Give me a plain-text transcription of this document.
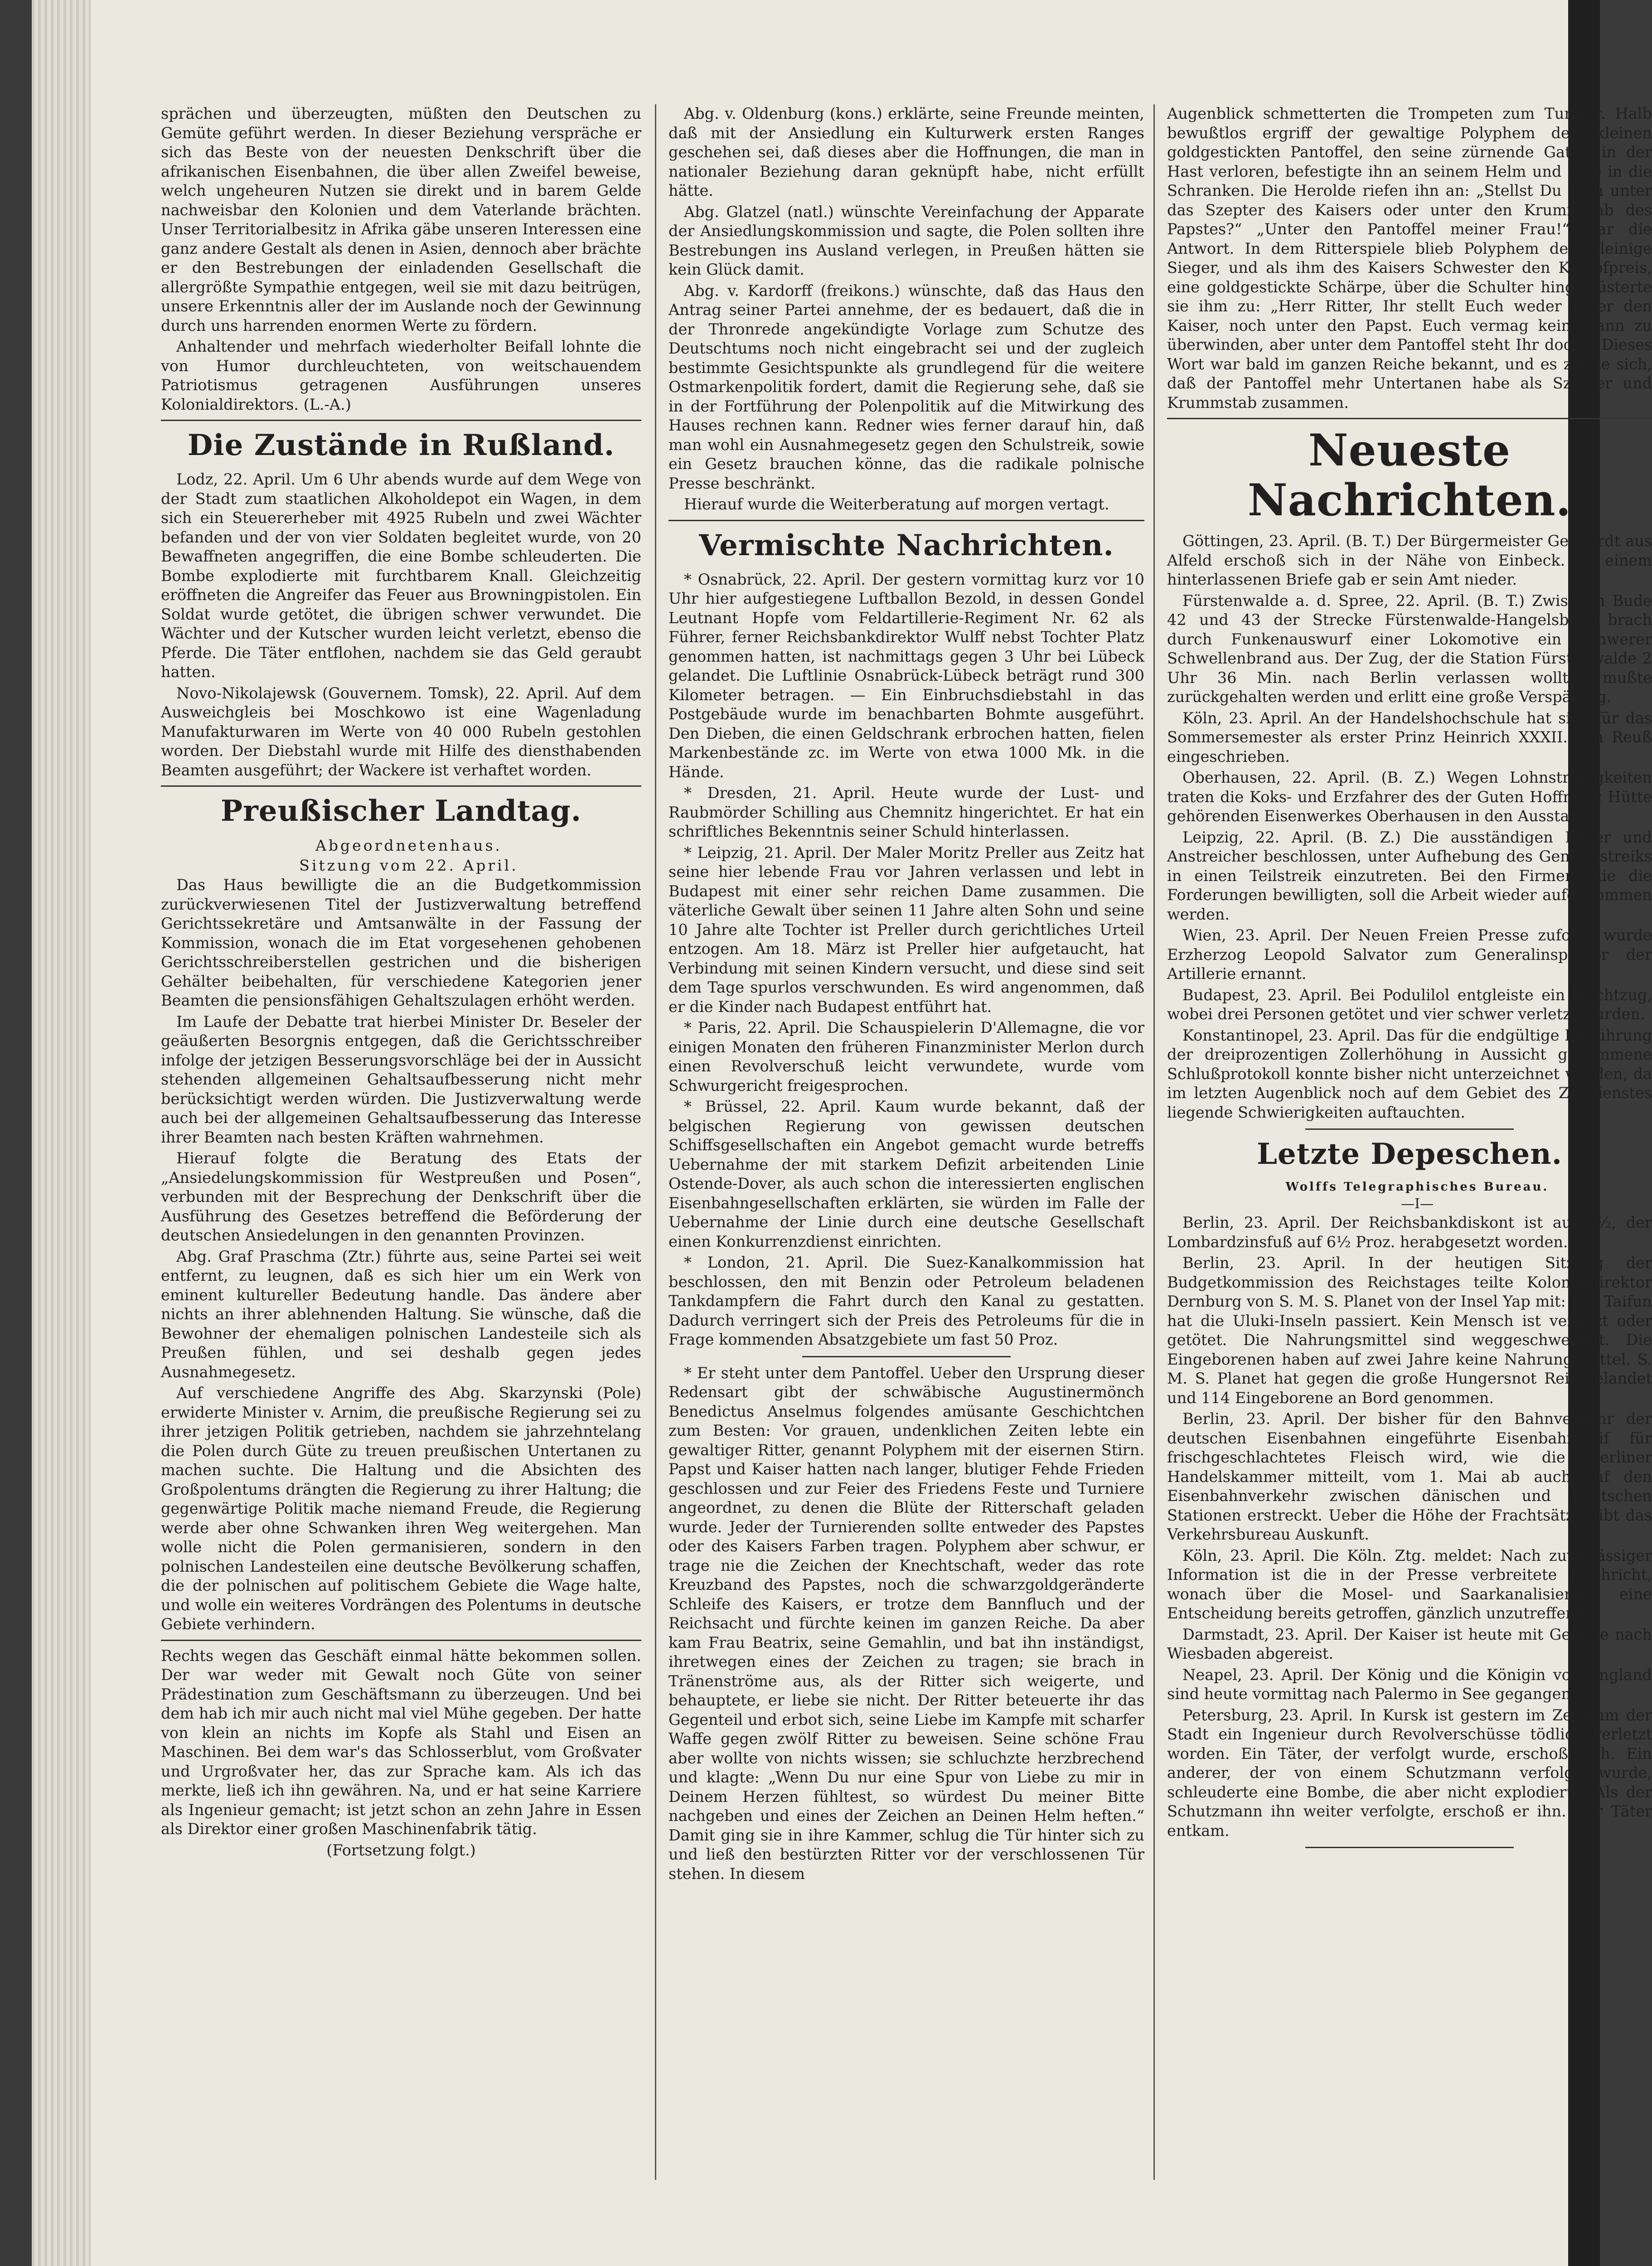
sprächen und überzeugten, müßten den Deutschen zu Gemüte geführt werden. In dieser Beziehung verspräche er sich das Beste von der neuesten Denkschrift über die afrikanischen Eisenbahnen, die über allen Zweifel beweise, welch ungeheuren Nutzen sie direkt und in barem Gelde nachweisbar den Kolonien und dem Vaterlande brächten. Unser Territorialbesitz in Afrika gäbe unseren Interessen eine ganz andere Gestalt als denen in Asien, dennoch aber brächte er den Bestrebungen der einladenden Gesellschaft die allergrößte Sympathie entgegen, weil sie mit dazu beitrügen, unsere Erkenntnis aller der im Auslande noch der Gewinnung durch uns harrenden enormen Werte zu fördern.

Anhaltender und mehrfach wiederholter Beifall lohnte die von Humor durchleuchteten, von weitschauendem Patriotismus getragenen Ausführungen unseres Kolonialdirektors. (L.-A.)

Die Zustände in Rußland.

Lodz, 22. April. Um 6 Uhr abends wurde auf dem Wege von der Stadt zum staatlichen Alkoholdepot ein Wagen, in dem sich ein Steuererheber mit 4925 Rubeln und zwei Wächter befanden und der von vier Soldaten begleitet wurde, von 20 Bewaffneten angegriffen, die eine Bombe schleuderten. Die Bombe explodierte mit furchtbarem Knall. Gleichzeitig eröffneten die Angreifer das Feuer aus Browningpistolen. Ein Soldat wurde getötet, die übrigen schwer verwundet. Die Wächter und der Kutscher wurden leicht verletzt, ebenso die Pferde. Die Täter entflohen, nachdem sie das Geld geraubt hatten.

Novo-Nikolajewsk (Gouvernem. Tomsk), 22. April. Auf dem Ausweichgleis bei Moschkowo ist eine Wagenladung Manufakturwaren im Werte von 40 000 Rubeln gestohlen worden. Der Diebstahl wurde mit Hilfe des diensthabenden Beamten ausgeführt; der Wackere ist verhaftet worden.

Preußischer Landtag.

Abgeordnetenhaus.

Sitzung vom 22. April.

Das Haus bewilligte die an die Budgetkommission zurückverwiesenen Titel der Justizverwaltung betreffend Gerichtssekretäre und Amtsanwälte in der Fassung der Kommission, wonach die im Etat vorgesehenen gehobenen Gerichtsschreiberstellen gestrichen und die bisherigen Gehälter beibehalten, für verschiedene Kategorien jener Beamten die pensionsfähigen Gehaltszulagen erhöht werden.

Im Laufe der Debatte trat hierbei Minister Dr. Beseler der geäußerten Besorgnis entgegen, daß die Gerichtsschreiber infolge der jetzigen Besserungsvorschläge bei der in Aussicht stehenden allgemeinen Gehaltsaufbesserung nicht mehr berücksichtigt werden würden. Die Justizverwaltung werde auch bei der allgemeinen Gehaltsaufbesserung das Interesse ihrer Beamten nach besten Kräften wahrnehmen.

Hierauf folgte die Beratung des Etats der „Ansiedelungskommission für Westpreußen und Posen“, verbunden mit der Besprechung der Denkschrift über die Ausführung des Gesetzes betreffend die Beförderung der deutschen Ansiedelungen in den genannten Provinzen.

Abg. Graf Praschma (Ztr.) führte aus, seine Partei sei weit entfernt, zu leugnen, daß es sich hier um ein Werk von eminent kultureller Bedeutung handle. Das ändere aber nichts an ihrer ablehnenden Haltung. Sie wünsche, daß die Bewohner der ehemaligen polnischen Landesteile sich als Preußen fühlen, und sei deshalb gegen jedes Ausnahmegesetz.

Auf verschiedene Angriffe des Abg. Skarzynski (Pole) erwiderte Minister v. Arnim, die preußische Regierung sei zu ihrer jetzigen Politik getrieben, nachdem sie jahrzehntelang die Polen durch Güte zu treuen preußischen Untertanen zu machen suchte. Die Haltung und die Absichten des Großpolentums drängten die Regierung zu ihrer Haltung; die gegenwärtige Politik mache niemand Freude, die Regierung werde aber ohne Schwanken ihren Weg weitergehen. Man wolle nicht die Polen germanisieren, sondern in den polnischen Landesteilen eine deutsche Bevölkerung schaffen, die der polnischen auf politischem Gebiete die Wage halte, und wolle ein weiteres Vordrängen des Polentums in deutsche Gebiete verhindern.

Rechts wegen das Geschäft einmal hätte bekommen sollen. Der war weder mit Gewalt noch Güte von seiner Prädestination zum Geschäftsmann zu überzeugen. Und bei dem hab ich mir auch nicht mal viel Mühe gegeben. Der hatte von klein an nichts im Kopfe als Stahl und Eisen an Maschinen. Bei dem war's das Schlosserblut, vom Großvater und Urgroßvater her, das zur Sprache kam. Als ich das merkte, ließ ich ihn gewähren. Na, und er hat seine Karriere als Ingenieur gemacht; ist jetzt schon an zehn Jahre in Essen als Direktor einer großen Maschinenfabrik tätig.

(Fortsetzung folgt.)

Abg. v. Oldenburg (kons.) erklärte, seine Freunde meinten, daß mit der Ansiedlung ein Kulturwerk ersten Ranges geschehen sei, daß dieses aber die Hoffnungen, die man in nationaler Beziehung daran geknüpft habe, nicht erfüllt hätte.

Abg. Glatzel (natl.) wünschte Vereinfachung der Apparate der Ansiedlungskommission und sagte, die Polen sollten ihre Bestrebungen ins Ausland verlegen, in Preußen hätten sie kein Glück damit.

Abg. v. Kardorff (freikons.) wünschte, daß das Haus den Antrag seiner Partei annehme, der es bedauert, daß die in der Thronrede angekündigte Vorlage zum Schutze des Deutschtums noch nicht eingebracht sei und der zugleich bestimmte Gesichtspunkte als grundlegend für die weitere Ostmarkenpolitik fordert, damit die Regierung sehe, daß sie in der Fortführung der Polenpolitik auf die Mitwirkung des Hauses rechnen kann. Redner wies ferner darauf hin, daß man wohl ein Ausnahmegesetz gegen den Schulstreik, sowie ein Gesetz brauchen könne, das die radikale polnische Presse beschränkt.

Hierauf wurde die Weiterberatung auf morgen vertagt.

Vermischte Nachrichten.

* Osnabrück, 22. April. Der gestern vormittag kurz vor 10 Uhr hier aufgestiegene Luftballon Bezold, in dessen Gondel Leutnant Hopfe vom Feldartillerie-Regiment Nr. 62 als Führer, ferner Reichsbankdirektor Wulff nebst Tochter Platz genommen hatten, ist nachmittags gegen 3 Uhr bei Lübeck gelandet. Die Luftlinie Osnabrück-Lübeck beträgt rund 300 Kilometer betragen. — Ein Einbruchsdiebstahl in das Postgebäude wurde im benachbarten Bohmte ausgeführt. Den Dieben, die einen Geldschrank erbrochen hatten, fielen Markenbestände zc. im Werte von etwa 1000 Mk. in die Hände.

* Dresden, 21. April. Heute wurde der Lust- und Raubmörder Schilling aus Chemnitz hingerichtet. Er hat ein schriftliches Bekenntnis seiner Schuld hinterlassen.

* Leipzig, 21. April. Der Maler Moritz Preller aus Zeitz hat seine hier lebende Frau vor Jahren verlassen und lebt in Budapest mit einer sehr reichen Dame zusammen. Die väterliche Gewalt über seinen 11 Jahre alten Sohn und seine 10 Jahre alte Tochter ist Preller durch gerichtliches Urteil entzogen. Am 18. März ist Preller hier aufgetaucht, hat Verbindung mit seinen Kindern versucht, und diese sind seit dem Tage spurlos verschwunden. Es wird angenommen, daß er die Kinder nach Budapest entführt hat.

* Paris, 22. April. Die Schauspielerin D'Allemagne, die vor einigen Monaten den früheren Finanzminister Merlon durch einen Revolverschuß leicht verwundete, wurde vom Schwurgericht freigesprochen.

* Brüssel, 22. April. Kaum wurde bekannt, daß der belgischen Regierung von gewissen deutschen Schiffsgesellschaften ein Angebot gemacht wurde betreffs Uebernahme der mit starkem Defizit arbeitenden Linie Ostende-Dover, als auch schon die interessierten englischen Eisenbahngesellschaften erklärten, sie würden im Falle der Uebernahme der Linie durch eine deutsche Gesellschaft einen Konkurrenzdienst einrichten.

* London, 21. April. Die Suez-Kanalkommission hat beschlossen, den mit Benzin oder Petroleum beladenen Tankdampfern die Fahrt durch den Kanal zu gestatten. Dadurch verringert sich der Preis des Petroleums für die in Frage kommenden Absatzgebiete um fast 50 Proz.

* Er steht unter dem Pantoffel. Ueber den Ursprung dieser Redensart gibt der schwäbische Augustinermönch Benedictus Anselmus folgendes amüsante Geschichtchen zum Besten: Vor grauen, undenklichen Zeiten lebte ein gewaltiger Ritter, genannt Polyphem mit der eisernen Stirn. Papst und Kaiser hatten nach langer, blutiger Fehde Frieden geschlossen und zur Feier des Friedens Feste und Turniere angeordnet, zu denen die Blüte der Ritterschaft geladen wurde. Jeder der Turnierenden sollte entweder des Papstes oder des Kaisers Farben tragen. Polyphem aber schwur, er trage nie die Zeichen der Knechtschaft, weder das rote Kreuzband des Papstes, noch die schwarzgoldgeränderte Schleife des Kaisers, er trotze dem Bannfluch und der Reichsacht und fürchte keinen im ganzen Reiche. Da aber kam Frau Beatrix, seine Gemahlin, und bat ihn inständigst, ihretwegen eines der Zeichen zu tragen; sie brach in Tränenströme aus, als der Ritter sich weigerte, und behauptete, er liebe sie nicht. Der Ritter beteuerte ihr das Gegenteil und erbot sich, seine Liebe im Kampfe mit scharfer Waffe gegen zwölf Ritter zu beweisen. Seine schöne Frau aber wollte von nichts wissen; sie schluchzte herzbrechend und klagte: „Wenn Du nur eine Spur von Liebe zu mir in Deinem Herzen fühltest, so würdest Du meiner Bitte nachgeben und eines der Zeichen an Deinen Helm heften.“ Damit ging sie in ihre Kammer, schlug die Tür hinter sich zu und ließ den bestürzten Ritter vor der verschlossenen Tür stehen. In diesem

Augenblick schmetterten die Trompeten zum Turnier. Halb bewußtlos ergriff der gewaltige Polyphem den kleinen goldgestickten Pantoffel, den seine zürnende Gattin in der Hast verloren, befestigte ihn an seinem Helm und eilte in die Schranken. Die Herolde riefen ihn an: „Stellst Du Dich unter das Szepter des Kaisers oder unter den Krummstab des Papstes?“ „Unter den Pantoffel meiner Frau!“ war die Antwort. In dem Ritterspiele blieb Polyphem der alleinige Sieger, und als ihm des Kaisers Schwester den Kampfpreis, eine goldgestickte Schärpe, über die Schulter hing, flüsterte sie ihm zu: „Herr Ritter, Ihr stellt Euch weder unter den Kaiser, noch unter den Papst. Euch vermag kein Mann zu überwinden, aber unter dem Pantoffel steht Ihr doch!“ Dieses Wort war bald im ganzen Reiche bekannt, und es zeigte sich, daß der Pantoffel mehr Untertanen habe als Szepter und Krummstab zusammen.

Neueste Nachrichten.

Göttingen, 23. April. (B. T.) Der Bürgermeister Gebhardt aus Alfeld erschoß sich in der Nähe von Einbeck. In einem hinterlassenen Briefe gab er sein Amt nieder.

Fürstenwalde a. d. Spree, 22. April. (B. T.) Zwischen Bude 42 und 43 der Strecke Fürstenwalde-Hangelsberg brach durch Funkenauswurf einer Lokomotive ein schwerer Schwellenbrand aus. Der Zug, der die Station Fürstenwalde 2 Uhr 36 Min. nach Berlin verlassen wollte, mußte zurückgehalten werden und erlitt eine große Verspätung.

Köln, 23. April. An der Handelshochschule hat sich für das Sommersemester als erster Prinz Heinrich XXXII. von Reuß eingeschrieben.

Oberhausen, 22. April. (B. Z.) Wegen Lohnstreitigkeiten traten die Koks- und Erzfahrer des der Guten Hoffnung Hütte gehörenden Eisenwerkes Oberhausen in den Ausstand.

Leipzig, 22. April. (B. Z.) Die ausständigen Maler und Anstreicher beschlossen, unter Aufhebung des Generalstreiks in einen Teilstreik einzutreten. Bei den Firmen, die die Forderungen bewilligten, soll die Arbeit wieder aufgenommen werden.

Wien, 23. April. Der Neuen Freien Presse zufolge wurde Erzherzog Leopold Salvator zum Generalinspektor der Artillerie ernannt.

Budapest, 23. April. Bei Podulilol entgleiste ein Nachtzug, wobei drei Personen getötet und vier schwer verletzt wurden.

Konstantinopel, 23. April. Das für die endgültige Einführung der dreiprozentigen Zollerhöhung in Aussicht genommene Schlußprotokoll konnte bisher nicht unterzeichnet werden, da im letzten Augenblick noch auf dem Gebiet des Zolldienstes liegende Schwierigkeiten auftauchten.

Letzte Depeschen.

Wolffs Telegraphisches Bureau.

—I—

Berlin, 23. April. Der Reichsbankdiskont ist auf 5½, der Lombardzinsfuß auf 6½ Proz. herabgesetzt worden.

Berlin, 23. April. In der heutigen Sitzung der Budgetkommission des Reichstages teilte Kolonialdirektor Dernburg von S. M. S. Planet von der Insel Yap mit: Der Taifun hat die Uluki-Inseln passiert. Kein Mensch ist verletzt oder getötet. Die Nahrungsmittel sind weggeschwemmt. Die Eingeborenen haben auf zwei Jahre keine Nahrungsmittel. S. M. S. Planet hat gegen die große Hungersnot Reis gelandet und 114 Eingeborene an Bord genommen.

Berlin, 23. April. Der bisher für den Bahnverkehr der deutschen Eisenbahnen eingeführte Eisenbahntarif für frischgeschlachtetes Fleisch wird, wie die Berliner Handelskammer mitteilt, vom 1. Mai ab auch auf den Eisenbahnverkehr zwischen dänischen und deutschen Stationen erstreckt. Ueber die Höhe der Frachtsätze gibt das Verkehrsbureau Auskunft.

Köln, 23. April. Die Köln. Ztg. meldet: Nach zuverlässiger Information ist die in der Presse verbreitete Nachricht, wonach über die Mosel- und Saarkanalisierung eine Entscheidung bereits getroffen, gänzlich unzutreffend.

Darmstadt, 23. April. Der Kaiser ist heute mit Gefolge nach Wiesbaden abgereist.

Neapel, 23. April. Der König und die Königin von England sind heute vormittag nach Palermo in See gegangen.

Petersburg, 23. April. In Kursk ist gestern im Zentrum der Stadt ein Ingenieur durch Revolverschüsse tödlich verletzt worden. Ein Täter, der verfolgt wurde, erschoß sich. Ein anderer, der von einem Schutzmann verfolgt wurde, schleuderte eine Bombe, die aber nicht explodierte. Als der Schutzmann ihn weiter verfolgte, erschoß er ihn. Der Täter entkam.
